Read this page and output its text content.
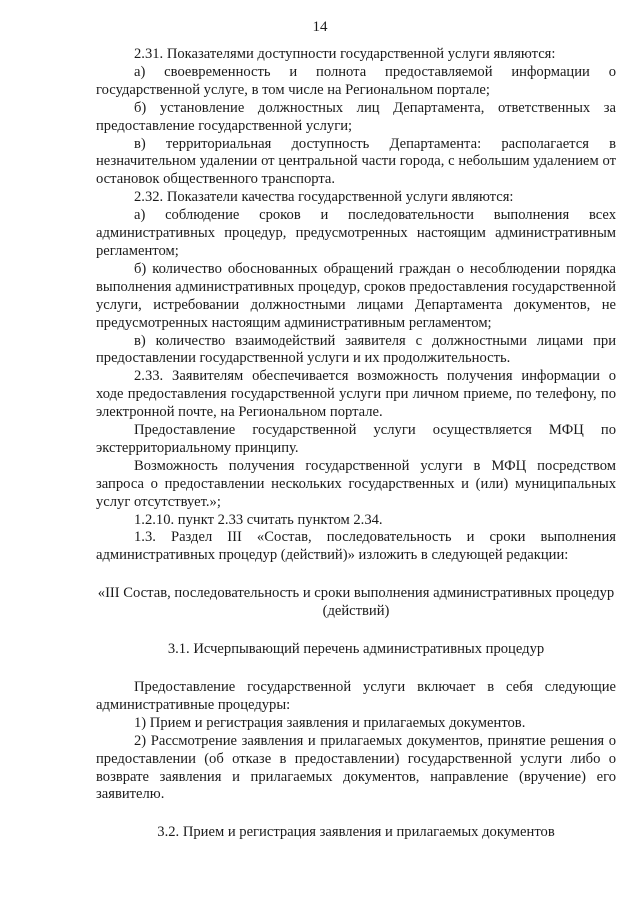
14

2.31. Показателями доступности государственной услуги являются:

а) своевременность и полнота предоставляемой информации о государственной услуге, в том числе на Региональном портале;

б) установление должностных лиц Департамента, ответственных за предоставление государственной услуги;

в) территориальная доступность Департамента: располагается в незначительном удалении от центральной части города, с небольшим удалением от остановок общественного транспорта.

2.32. Показатели качества государственной услуги являются:

а) соблюдение сроков и последовательности выполнения всех административных процедур, предусмотренных настоящим административным регламентом;

б) количество обоснованных обращений граждан о несоблюдении порядка выполнения административных процедур, сроков предоставления государственной услуги, истребовании должностными лицами Департамента документов, не предусмотренных настоящим административным регламентом;

в) количество взаимодействий заявителя с должностными лицами при предоставлении государственной услуги и их продолжительность.

2.33. Заявителям обеспечивается возможность получения информации о ходе предоставления государственной услуги при личном приеме, по телефону, по электронной почте, на Региональном портале.

Предоставление государственной услуги осуществляется МФЦ по экстерриториальному принципу.

Возможность получения государственной услуги в МФЦ посредством запроса о предоставлении нескольких государственных и (или) муниципальных услуг отсутствует.»;

1.2.10. пункт 2.33 считать пунктом 2.34.

1.3. Раздел III «Состав, последовательность и сроки выполнения административных процедур (действий)» изложить в следующей редакции:

«III Состав, последовательность и сроки выполнения административных процедур (действий)

3.1. Исчерпывающий перечень административных процедур

Предоставление государственной услуги включает в себя следующие административные процедуры:

1) Прием и регистрация заявления и прилагаемых документов.

2) Рассмотрение заявления и прилагаемых документов, принятие решения о предоставлении (об отказе в предоставлении) государственной услуги либо о возврате заявления и прилагаемых документов, направление (вручение) его заявителю.

3.2. Прием и регистрация заявления и прилагаемых документов
